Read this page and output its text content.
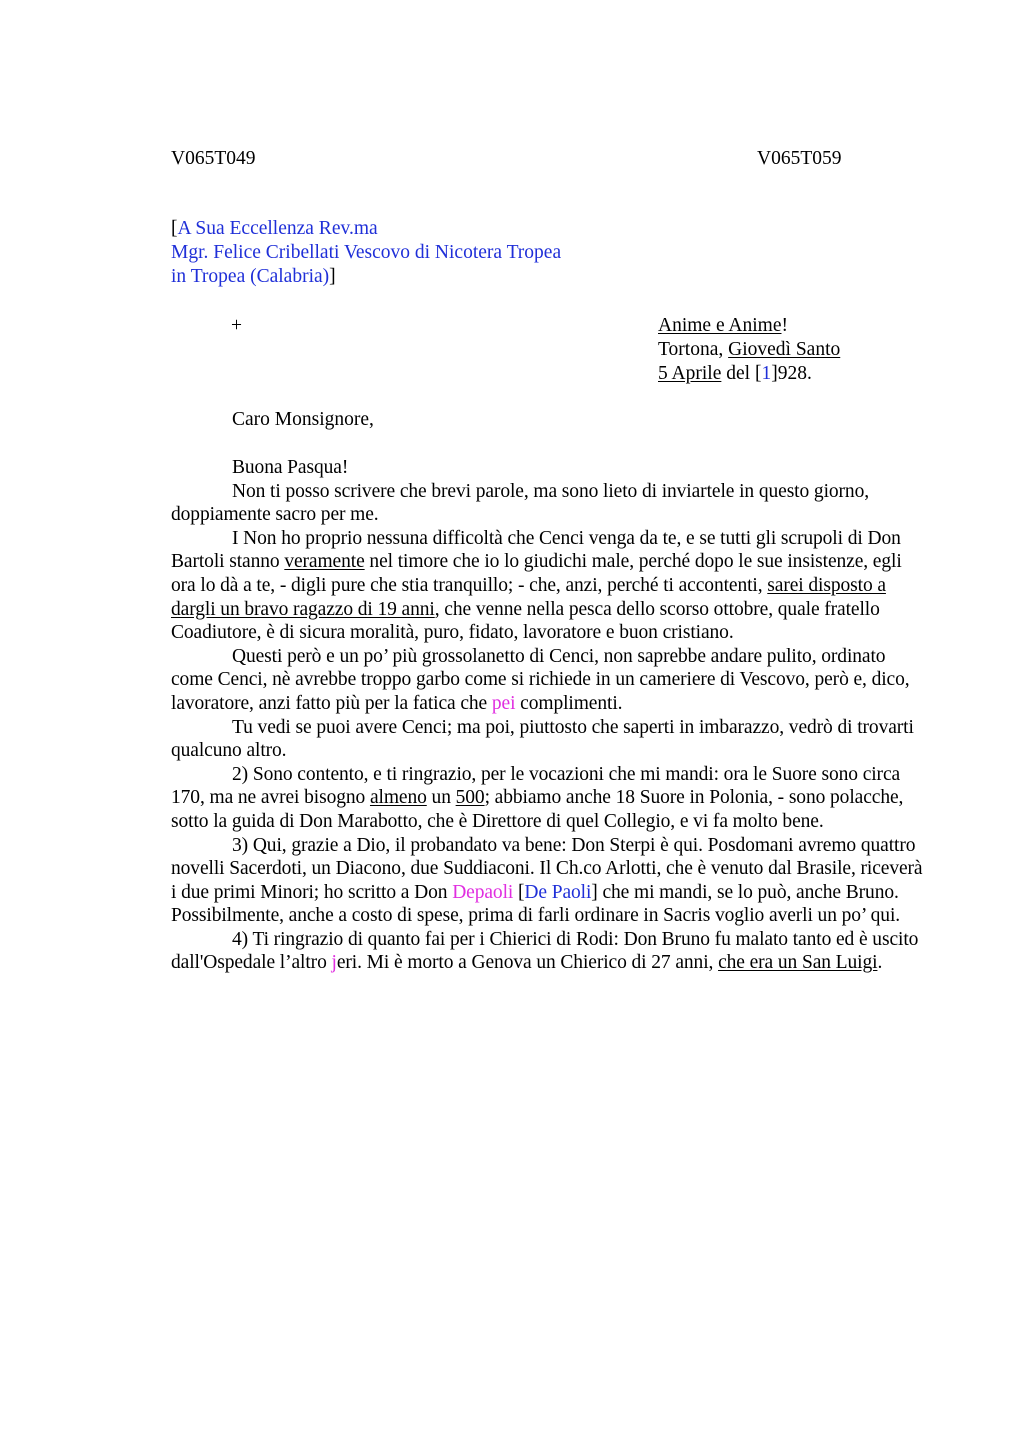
V065T049	V065T059
[A Sua Eccellenza Rev.ma
Mgr. Felice Cribellati Vescovo di Nicotera Tropea
in Tropea (Calabria)]
+	Anime e Anime!
Tortona, Giovedì Santo
5 Aprile del [1]928.
Caro Monsignore,

Buona Pasqua!

Non ti posso scrivere che brevi parole, ma sono lieto di inviartele in questo giorno, doppiamente sacro per me.

I Non ho proprio nessuna difficoltà che Cenci venga da te, e se tutti gli scrupoli di Don Bartoli stanno veramente nel timore che io lo giudichi male, perché dopo le sue insistenze, egli ora lo dà a te, - digli pure che stia tranquillo; - che, anzi, perché ti accontenti, sarei disposto a dargli un bravo ragazzo di 19 anni, che venne nella pesca dello scorso ottobre, quale fratello Coadiutore, è di sicura moralità, puro, fidato, lavoratore e buon cristiano.

Questi però e un po’ più grossolanetto di Cenci, non saprebbe andare pulito, ordinato come Cenci, nè avrebbe troppo garbo come si richiede in un cameriere di Vescovo, però e, dico, lavoratore, anzi fatto più per la fatica che pei complimenti.

Tu vedi se puoi avere Cenci; ma poi, piuttosto che saperti in imbarazzo, vedrò di trovarti qualcuno altro.

2) Sono contento, e ti ringrazio, per le vocazioni che mi mandi: ora le Suore sono circa 170, ma ne avrei bisogno almeno un 500; abbiamo anche 18 Suore in Polonia, - sono polacche, sotto la guida di Don Marabotto, che è Direttore di quel Collegio, e vi fa molto bene.

3) Qui, grazie a Dio, il probandato va bene: Don Sterpi è qui. Posdomani avremo quattro novelli Sacerdoti, un Diacono, due Suddiaconi. Il Ch.co Arlotti, che è venuto dal Brasile, riceverà i due primi Minori; ho scritto a Don Depaoli [De Paoli] che mi mandi, se lo può, anche Bruno. Possibilmente, anche a costo di spese, prima di farli ordinare in Sacris voglio averli un po’ qui.

4) Ti ringrazio di quanto fai per i Chierici di Rodi: Don Bruno fu malato tanto ed è uscito dall'Ospedale l’altro jeri. Mi è morto a Genova un Chierico di 27 anni, che era un San Luigi.
